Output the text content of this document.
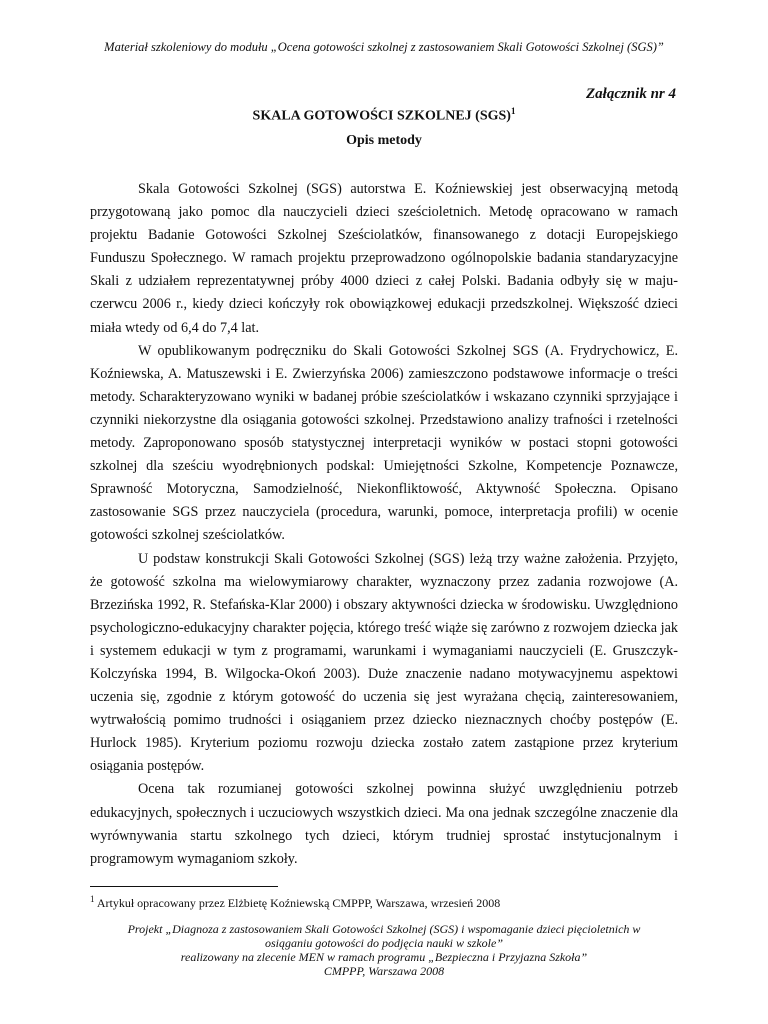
Materiał szkoleniowy do modułu „Ocena gotowości szkolnej z zastosowaniem Skali Gotowości Szkolnej (SGS)”
Załącznik nr 4
SKALA GOTOWOŚCI SZKOLNEJ (SGS)$^1$
Opis metody

Skala Gotowości Szkolnej (SGS) autorstwa E. Koźniewskiej jest obserwacyjną metodą przygotowaną jako pomoc dla nauczycieli dzieci sześcioletnich. Metodę opracowano w ramach projektu Badanie Gotowości Szkolnej Sześciolatków, finansowanego z dotacji Europejskiego Funduszu Społecznego. W ramach projektu przeprowadzono ogólnopolskie badania standaryzacyjne Skali z udziałem reprezentatywnej próby 4000 dzieci z całej Polski. Badania odbyły się w maju-czerwcu 2006 r., kiedy dzieci kończyły rok obowiązkowej edukacji przedszkolnej. Większość dzieci miała wtedy od 6,4 do 7,4 lat.

W opublikowanym podręczniku do Skali Gotowości Szkolnej SGS (A. Frydrychowicz, E. Koźniewska, A. Matuszewski i E. Zwierzyńska 2006) zamieszczono podstawowe informacje o treści metody. Scharakteryzowano wyniki w badanej próbie sześciolatków i wskazano czynniki sprzyjające i czynniki niekorzystne dla osiągania gotowości szkolnej. Przedstawiono analizy trafności i rzetelności metody. Zaproponowano sposób statystycznej interpretacji wyników w postaci stopni gotowości szkolnej dla sześciu wyodrębnionych podskal: Umiejętności Szkolne, Kompetencje Poznawcze, Sprawność Motoryczna, Samodzielność, Niekonfliktowość, Aktywność Społeczna. Opisano zastosowanie SGS przez nauczyciela (procedura, warunki, pomoce, interpretacja profili) w ocenie gotowości szkolnej sześciolatków.

U podstaw konstrukcji Skali Gotowości Szkolnej (SGS) leżą trzy ważne założenia. Przyjęto, że gotowość szkolna ma wielowymiarowy charakter, wyznaczony przez zadania rozwojowe (A. Brzezińska 1992, R. Stefańska-Klar 2000) i obszary aktywności dziecka w środowisku. Uwzględniono psychologiczno-edukacyjny charakter pojęcia, którego treść wiąże się zarówno z rozwojem dziecka jak i systemem edukacji w tym z programami, warunkami i wymaganiami nauczycieli (E. Gruszczyk-Kolczyńska 1994, B. Wilgocka-Okoń 2003). Duże znaczenie nadano motywacyjnemu aspektowi uczenia się, zgodnie z którym gotowość do uczenia się jest wyrażana chęcią, zainteresowaniem, wytrwałością pomimo trudności i osiąganiem przez dziecko nieznacznych choćby postępów (E. Hurlock 1985). Kryterium poziomu rozwoju dziecka zostało zatem zastąpione przez kryterium osiągania postępów.

Ocena tak rozumianej gotowości szkolnej powinna służyć uwzględnieniu potrzeb edukacyjnych, społecznych i uczuciowych wszystkich dzieci. Ma ona jednak szczególne znaczenie dla wyrównywania startu szkolnego tych dzieci, którym trudniej sprostać instytucjonalnym i programowym wymaganiom szkoły.

$^1$ Artykuł opracowany przez Elżbietę Koźniewską CMPPP, Warszawa, wrzesień 2008
Projekt „Diagnoza z zastosowaniem Skali Gotowości Szkolnej (SGS) i wspomaganie dzieci pięcioletnich w
osiąganiu gotowości do podjęcia nauki w szkole”
realizowany na zlecenie MEN w ramach programu „Bezpieczna i Przyjazna Szkoła”
CMPPP, Warszawa 2008
